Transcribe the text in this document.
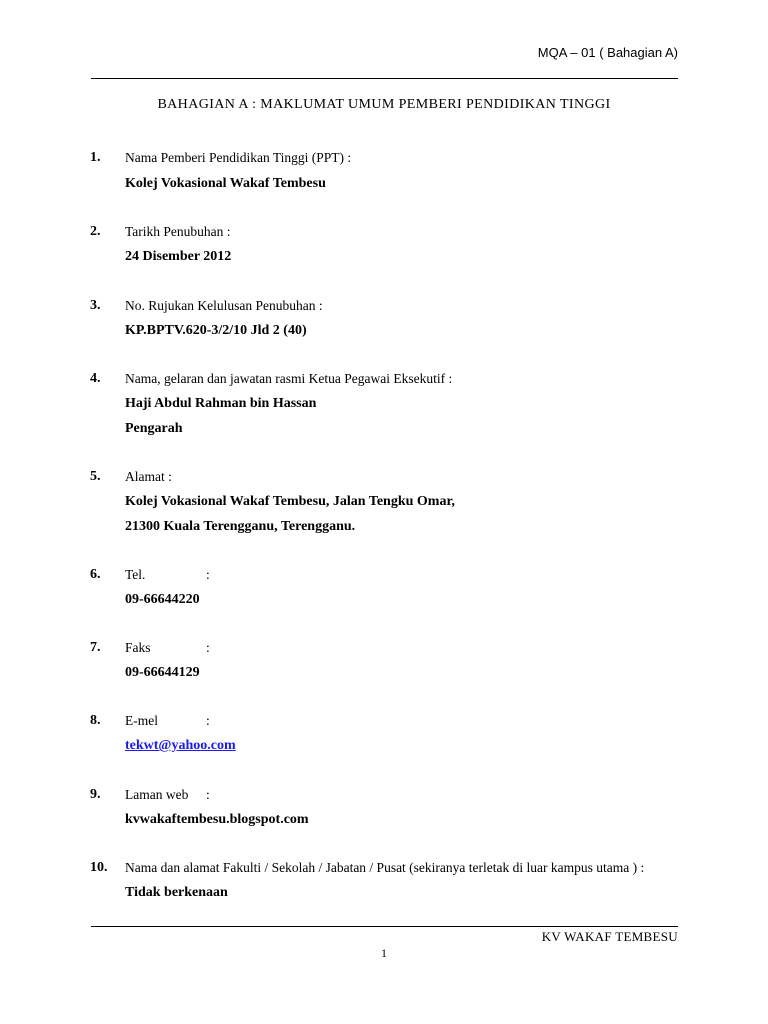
MQA – 01 ( Bahagian A)
BAHAGIAN A : MAKLUMAT UMUM PEMBERI PENDIDIKAN TINGGI
1. Nama Pemberi Pendidikan Tinggi (PPT) :
Kolej Vokasional Wakaf Tembesu
2. Tarikh Penubuhan :
24 Disember 2012
3. No. Rujukan Kelulusan Penubuhan :
KP.BPTV.620-3/2/10 Jld 2 (40)
4. Nama, gelaran dan jawatan rasmi Ketua Pegawai Eksekutif :
Haji Abdul Rahman bin Hassan
Pengarah
5. Alamat :
Kolej Vokasional Wakaf Tembesu, Jalan Tengku Omar,
21300 Kuala Terengganu, Terengganu.
6. Tel.	:
09-66644220
7. Faks	:
09-66644129
8. E-mel	:
tekwt@yahoo.com
9. Laman web :
kvwakaftembesu.blogspot.com
10. Nama dan alamat Fakulti / Sekolah / Jabatan / Pusat (sekiranya terletak di luar kampus utama ) :
Tidak berkenaan
KV WAKAF TEMBESU
1
